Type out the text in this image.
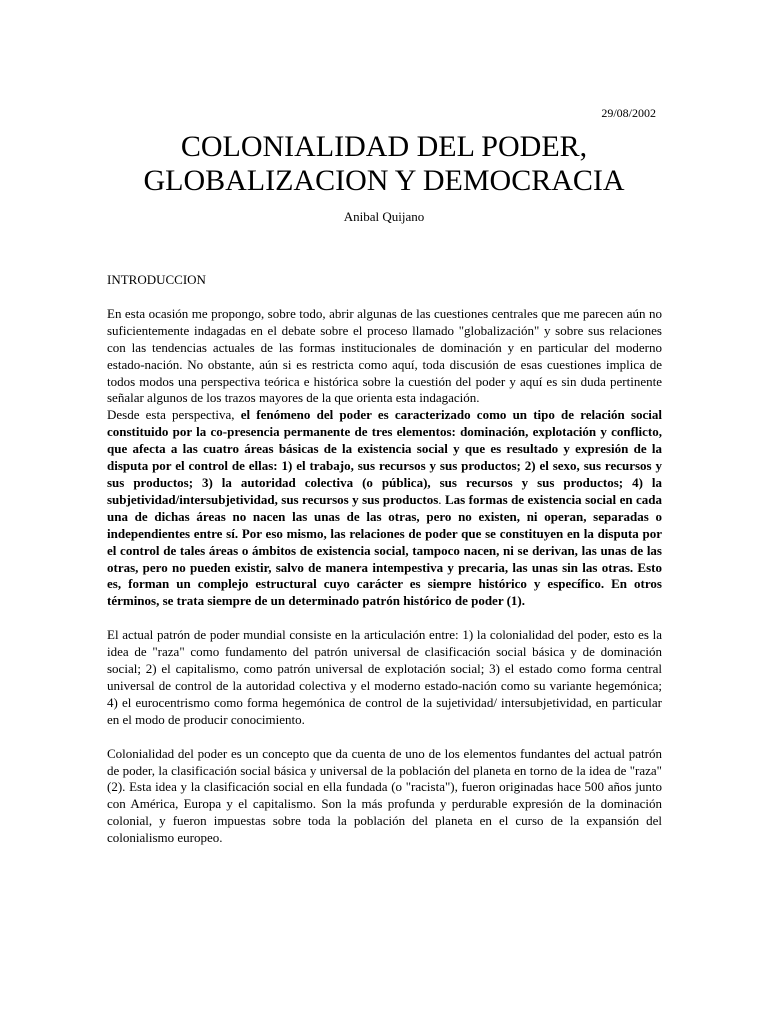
29/08/2002
COLONIALIDAD DEL PODER,
GLOBALIZACION Y DEMOCRACIA
Anibal Quijano
INTRODUCCION

En esta ocasión me propongo, sobre todo, abrir algunas de las cuestiones centrales que me parecen aún no suficientemente indagadas en el debate sobre el proceso llamado "globalización" y sobre sus relaciones con las tendencias actuales de las formas institucionales de dominación y en particular del moderno estado-nación. No obstante, aún si es restricta como aquí, toda discusión de esas cuestiones implica de todos modos una perspectiva teórica e histórica sobre la cuestión del poder y aquí es sin duda pertinente señalar algunos de los trazos mayores de la que orienta esta indagación.

Desde esta perspectiva, el fenómeno del poder es caracterizado como un tipo de relación social constituido por la co-presencia permanente de tres elementos: dominación, explotación y conflicto, que afecta a las cuatro áreas básicas de la existencia social y que es resultado y expresión de la disputa por el control de ellas: 1) el trabajo, sus recursos y sus productos; 2) el sexo, sus recursos y sus productos; 3) la autoridad colectiva (o pública), sus recursos y sus productos; 4) la subjetividad/intersubjetividad, sus recursos y sus productos. Las formas de existencia social en cada una de dichas áreas no nacen las unas de las otras, pero no existen, ni operan, separadas o independientes entre sí. Por eso mismo, las relaciones de poder que se constituyen en la disputa por el control de tales áreas o ámbitos de existencia social, tampoco nacen, ni se derivan, las unas de las otras, pero no pueden existir, salvo de manera intempestiva y precaria, las unas sin las otras. Esto es, forman un complejo estructural cuyo carácter es siempre histórico y específico. En otros términos, se trata siempre de un determinado patrón histórico de poder (1).

El actual patrón de poder mundial consiste en la articulación entre: 1) la colonialidad del poder, esto es la idea de "raza" como fundamento del patrón universal de clasificación social básica y de dominación social; 2) el capitalismo, como patrón universal de explotación social; 3) el estado como forma central universal de control de la autoridad colectiva y el moderno estado-nación como su variante hegemónica; 4) el eurocentrismo como forma hegemónica de control de la sujetividad/ intersubjetividad, en particular en el modo de producir conocimiento.

Colonialidad del poder es un concepto que da cuenta de uno de los elementos fundantes del actual patrón de poder, la clasificación social básica y universal de la población del planeta en torno de la idea de "raza"(2). Esta idea y la clasificación social en ella fundada (o "racista"), fueron originadas hace 500 años junto con América, Europa y el capitalismo. Son la más profunda y perdurable expresión de la dominación colonial, y fueron impuestas sobre toda la población del planeta en el curso de la expansión del colonialismo europeo.
